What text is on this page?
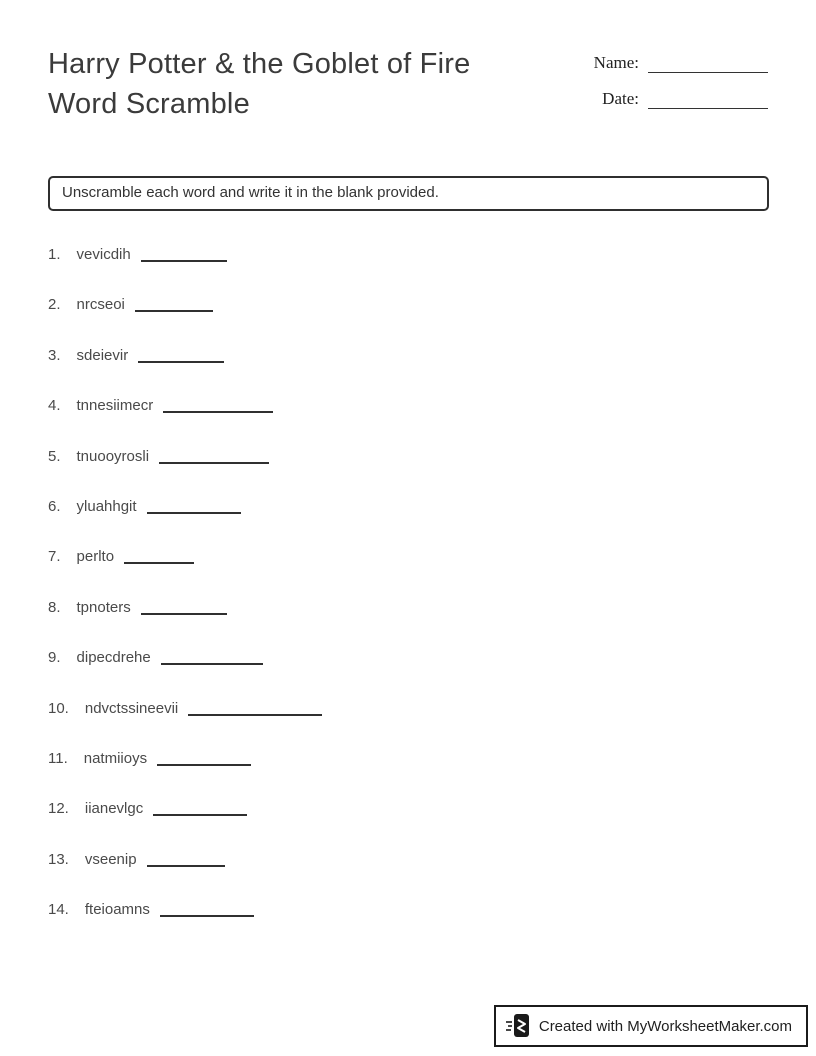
Harry Potter & the Goblet of Fire
Word Scramble
Name:
Date:
Unscramble each word and write it in the blank provided.
1. vevicdih
2. nrcseoi
3. sdeievir
4. tnnesiimecr
5. tnuooyrosli
6. yluahhgit
7. perlto
8. tpnoters
9. dipecdrehe
10. ndvctssineevii
11. natmiioys
12. iianevlgc
13. vseenip
14. fteioamns
Created with MyWorksheetMaker.com
